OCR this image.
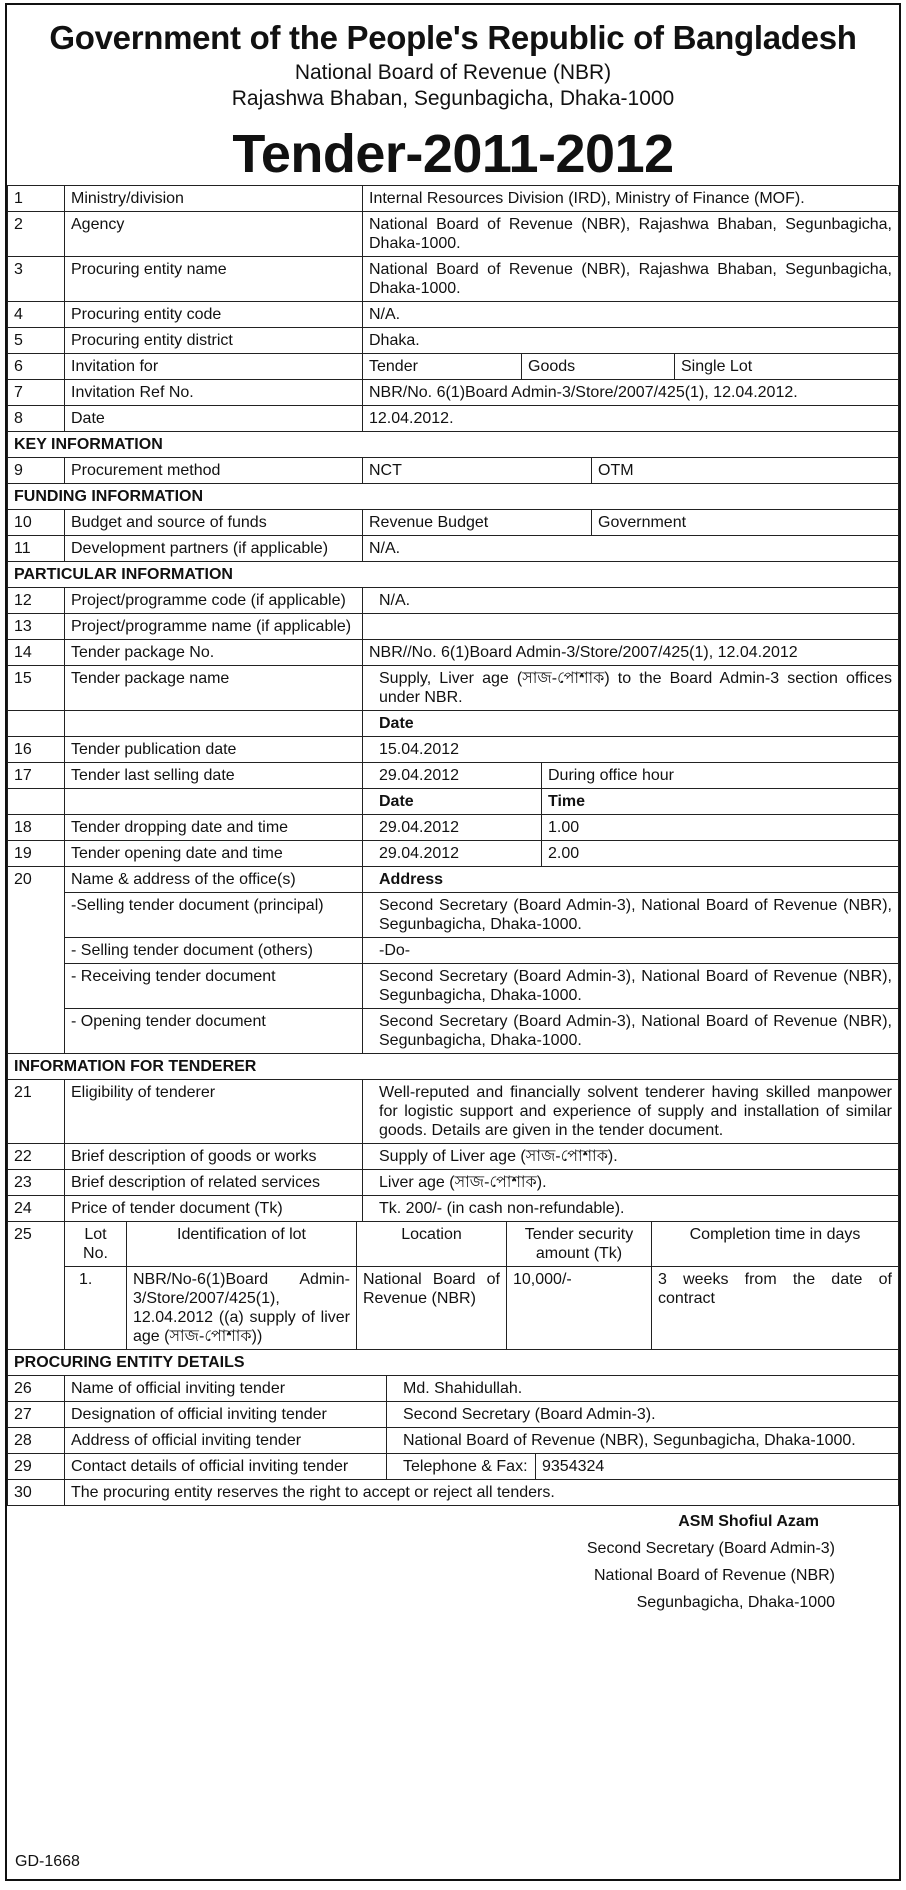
Government of the People's Republic of Bangladesh
National Board of Revenue (NBR)
Rajashwa Bhaban, Segunbagicha, Dhaka-1000
Tender-2011-2012
1	Ministry/division	Internal Resources Division (IRD), Ministry of Finance (MOF).
2	Agency	National Board of Revenue (NBR), Rajashwa Bhaban, Segunbagicha, Dhaka-1000.
3	Procuring entity name	National Board of Revenue (NBR), Rajashwa Bhaban, Segunbagicha, Dhaka-1000.
4	Procuring entity code	N/A.
5	Procuring entity district	Dhaka.
6	Invitation for		Tender	Goods	Single Lot

7	Invitation Ref No.	NBR/No. 6(1)Board Admin-3/Store/2007/425(1), 12.04.2012.
8	Date	12.04.2012.
KEY INFORMATION
9	Procurement method		NCT	OTM

FUNDING INFORMATION
10	Budget and source of funds		Revenue Budget	Government

11	Development partners (if applicable)	N/A.
PARTICULAR INFORMATION
12	Project/programme code (if applicable)	N/A.
13	Project/programme name (if applicable)	
14	Tender package No.	NBR//No. 6(1)Board Admin-3/Store/2007/425(1), 12.04.2012
15	Tender package name	Supply, Liver age (সাজ-পোশাক) to the Board Admin-3 section offices under NBR.
		Date
16	Tender publication date	15.04.2012
17	Tender last selling date		29.04.2012	During office hour

Date	Time

18	Tender dropping date and time		29.04.2012	1.00

19	Tender opening date and time		29.04.2012	2.00

20	Name & address of the office(s)	Address
-Selling tender document (principal)	Second Secretary (Board Admin-3), National Board of Revenue (NBR), Segunbagicha, Dhaka-1000.
- Selling tender document (others)	-Do-
- Receiving tender document	Second Secretary (Board Admin-3), National Board of Revenue (NBR), Segunbagicha, Dhaka-1000.
- Opening tender document	Second Secretary (Board Admin-3), National Board of Revenue (NBR), Segunbagicha, Dhaka-1000.
INFORMATION FOR TENDERER
21	Eligibility of tenderer	Well-reputed and financially solvent tenderer having skilled manpower for logistic support and experience of supply and installation of similar goods. Details are given in the tender document.
22	Brief description of goods or works	Supply of Liver age (সাজ-পোশাক).
23	Brief description of related services	Liver age (সাজ-পোশাক).
24	Price of tender document (Tk)	Tk. 200/- (in cash non-refundable).
25		Lot No.	Identification of lot	Location	Tender security amount (Tk)	Completion time in days
1.	NBR/No-6(1)Board Admin-3/Store/2007/425(1), 12.04.2012 ((a) supply of liver age (সাজ-পোশাক))	National Board of Revenue (NBR)	10,000/-	3 weeks from the date of contract

PROCURING ENTITY DETAILS
26	Name of official inviting tender	Md. Shahidullah.
27	Designation of official inviting tender	Second Secretary (Board Admin-3).
28	Address of official inviting tender	National Board of Revenue (NBR), Segunbagicha, Dhaka-1000.
29	Contact details of official inviting tender		Telephone & Fax:	9354324

30	The procuring entity reserves the right to accept or reject all tenders.
ASM Shofiul Azam
Second Secretary (Board Admin-3)
National Board of Revenue (NBR)
Segunbagicha, Dhaka-1000
GD-1668
